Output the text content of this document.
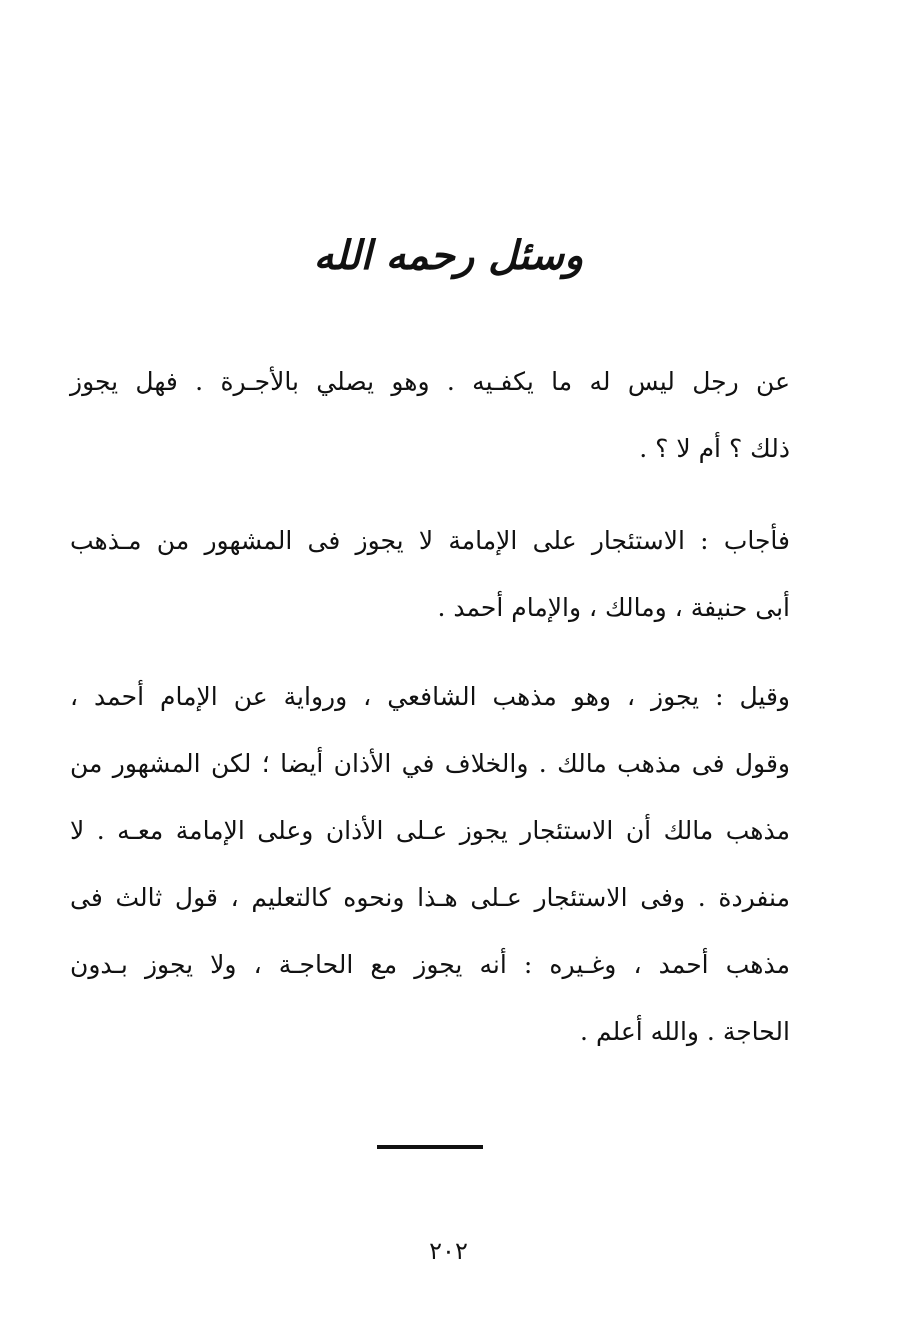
وسئل رحمه الله
عن رجل ليس له ما يكفـيه . وهو يصلي بالأجـرة . فهل يجوز
ذلك ؟ أم لا ؟ .
فأجاب : الاستئجار على الإمامة لا يجوز فى المشهور من مـذهب
أبى حنيفة ، ومالك ، والإمام أحمد .
وقيل : يجوز ، وهو مذهب الشافعي ، ورواية عن الإمام أحمد ،
وقول فى مذهب مالك . والخلاف في الأذان أيضا ؛ لكن المشهور من
مذهب مالك أن الاستئجار يجوز عـلى الأذان وعلى الإمامة معـه . لا
منفردة . وفى الاستئجار عـلى هـذا ونحوه كالتعليم ، قول ثالث فى
مذهب أحمد ، وغـيره : أنه يجوز مع الحاجـة ، ولا يجوز بـدون
الحاجة . والله أعلم .
٢٠٢
